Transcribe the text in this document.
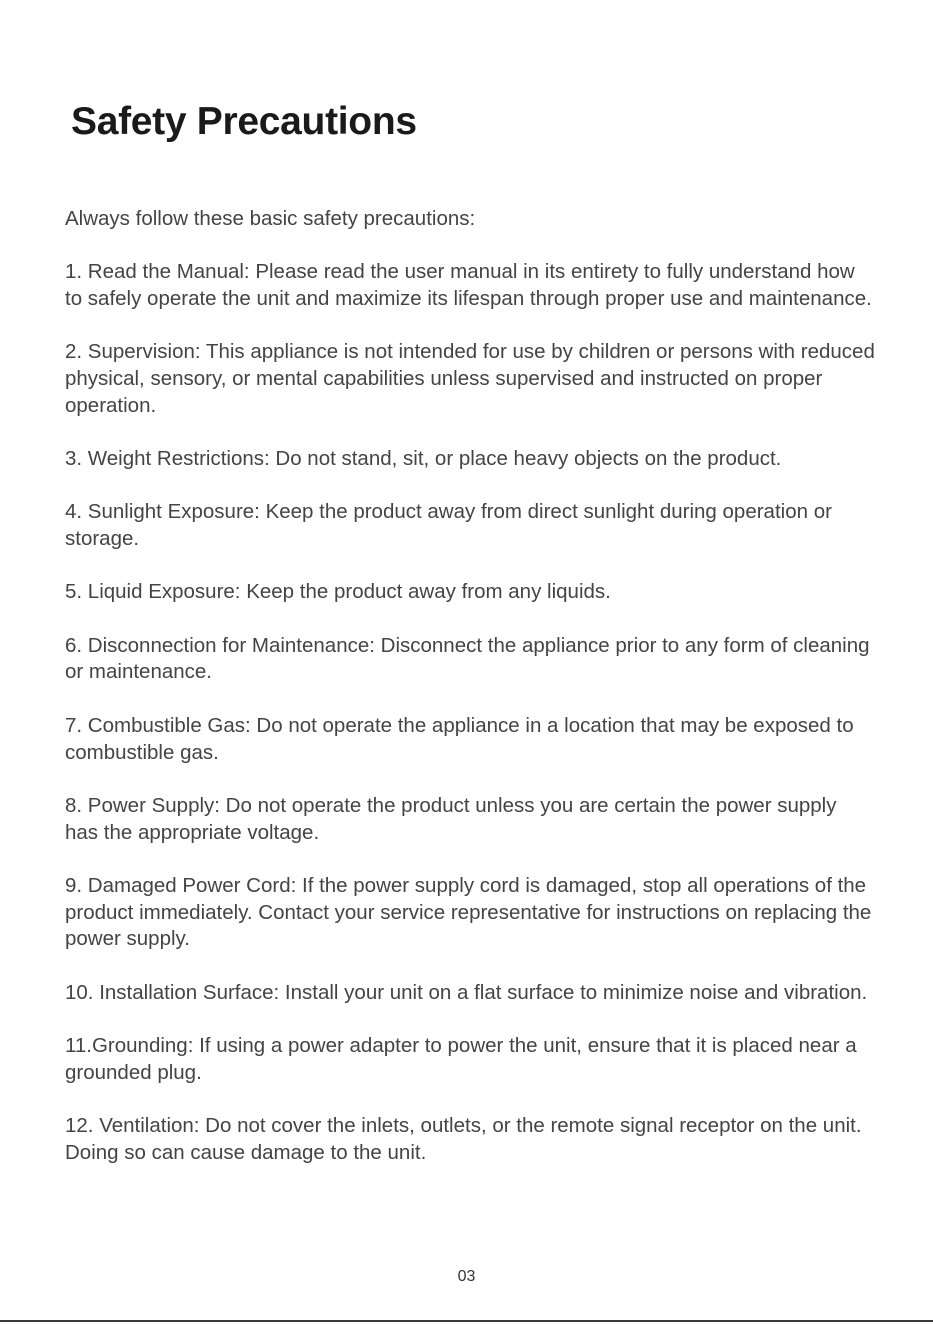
Safety Precautions

Always follow these basic safety precautions:

1. Read the Manual: Please read the user manual in its entirety to fully understand how to safely operate the unit and maximize its lifespan through proper use and maintenance.
2. Supervision: This appliance is not intended for use by children or persons with reduced physical, sensory, or mental capabilities unless supervised and instructed on proper operation.
3. Weight Restrictions: Do not stand, sit, or place heavy objects on the product.
4. Sunlight Exposure: Keep the product away from direct sunlight during operation or storage.
5. Liquid Exposure: Keep the product away from any liquids.
6. Disconnection for Maintenance: Disconnect the appliance prior to any form of cleaning or maintenance.
7. Combustible Gas: Do not operate the appliance in a location that may be exposed to combustible gas.
8. Power Supply: Do not operate the product unless you are certain the power supply has the appropriate voltage.
9. Damaged Power Cord: If the power supply cord is damaged, stop all operations of the product immediately. Contact your service representative for instructions on replacing the power supply.
10. Installation Surface: Install your unit on a flat surface to minimize noise and vibration.
11.Grounding: If using a power adapter to power the unit, ensure that it is placed near a grounded plug.
12. Ventilation: Do not cover the inlets, outlets, or the remote signal receptor on the unit. Doing so can cause damage to the unit.
03
